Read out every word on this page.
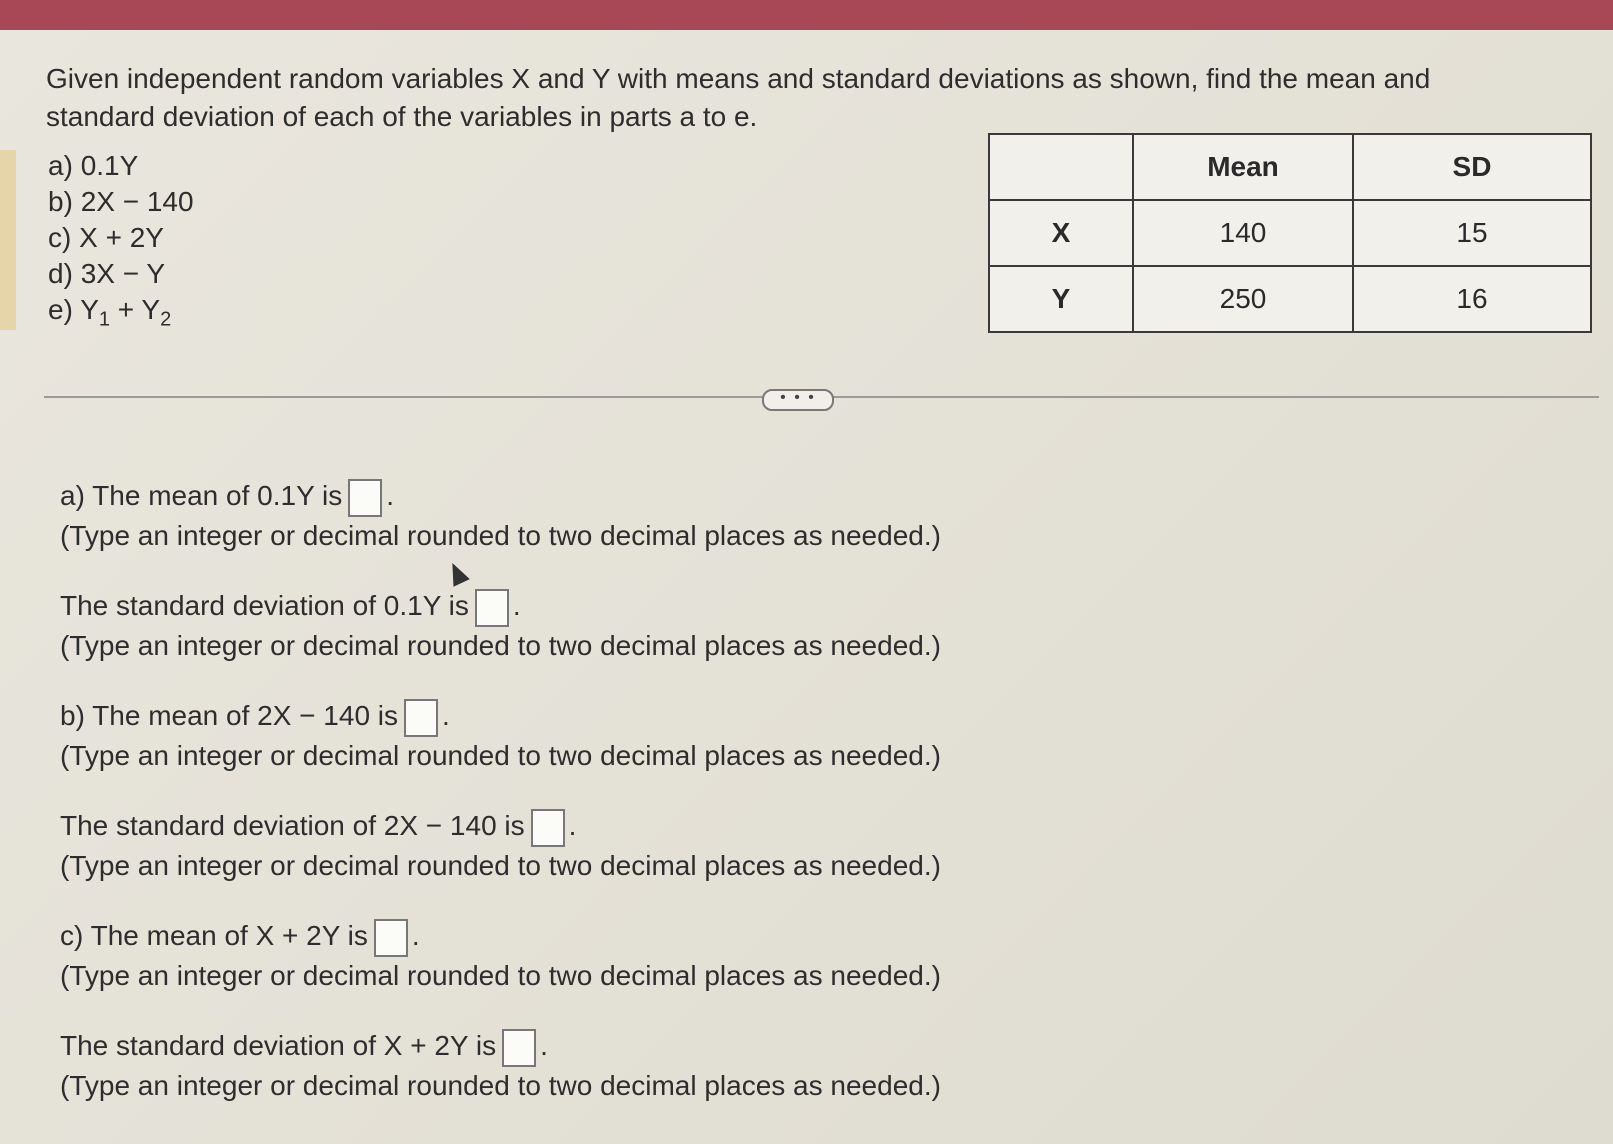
Given independent random variables X and Y with means and standard deviations as shown, find the mean and standard deviation of each of the variables in parts a to e.
a) 0.1Y
b) 2X − 140
c) X + 2Y
d) 3X − Y
e) $Y_1 + Y_2$
	Mean	SD
X	140	15
Y	250	16
• • •
a) The mean of 0.1Y is .
(Type an integer or decimal rounded to two decimal places as needed.)
The standard deviation of 0.1Y is .
(Type an integer or decimal rounded to two decimal places as needed.)
b) The mean of 2X − 140 is .
(Type an integer or decimal rounded to two decimal places as needed.)
The standard deviation of 2X − 140 is .
(Type an integer or decimal rounded to two decimal places as needed.)
c) The mean of X + 2Y is .
(Type an integer or decimal rounded to two decimal places as needed.)
The standard deviation of X + 2Y is .
(Type an integer or decimal rounded to two decimal places as needed.)
